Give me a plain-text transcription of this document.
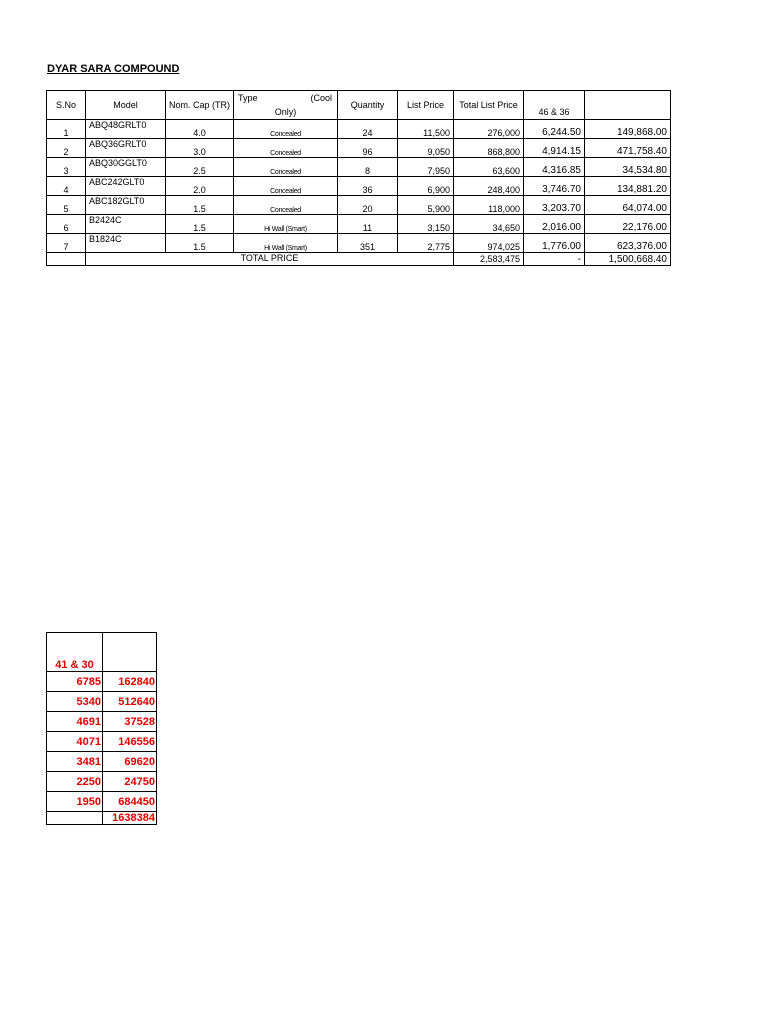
DYAR SARA COMPOUND
S.No	Model	Nom. Cap (TR)	Type (Cool
Only)	Quantity	List Price	Total List Price	46 & 36	
1	ABQ48GRLT0	4.0	Concealed	24	11,500	276,000	6,244.50	149,868.00
2	ABQ36GRLT0	3.0	Concealed	96	9,050	868,800	4,914.15	471,758.40
3	ABQ30GGLT0	2.5	Concealed	8	7,950	63,600	4,316.85	34,534.80
4	ABC242GLT0	2.0	Concealed	36	6,900	248,400	3,746.70	134,881.20
5	ABC182GLT0	1.5	Concealed	20	5,900	118,000	3,203.70	64,074.00
6	B2424C	1.5	Hi Wall (Smart)	11	3,150	34,650	2,016.00	22,176.00
7	B1824C	1.5	Hi Wall (Smart)	351	2,775	974,025	1,776.00	623,376.00
	TOTAL PRICE					2,583,475	-	1,500,668.40
41 & 30	
6785	162840
5340	512640
4691	37528
4071	146556
3481	69620
2250	24750
1950	684450
	1638384
